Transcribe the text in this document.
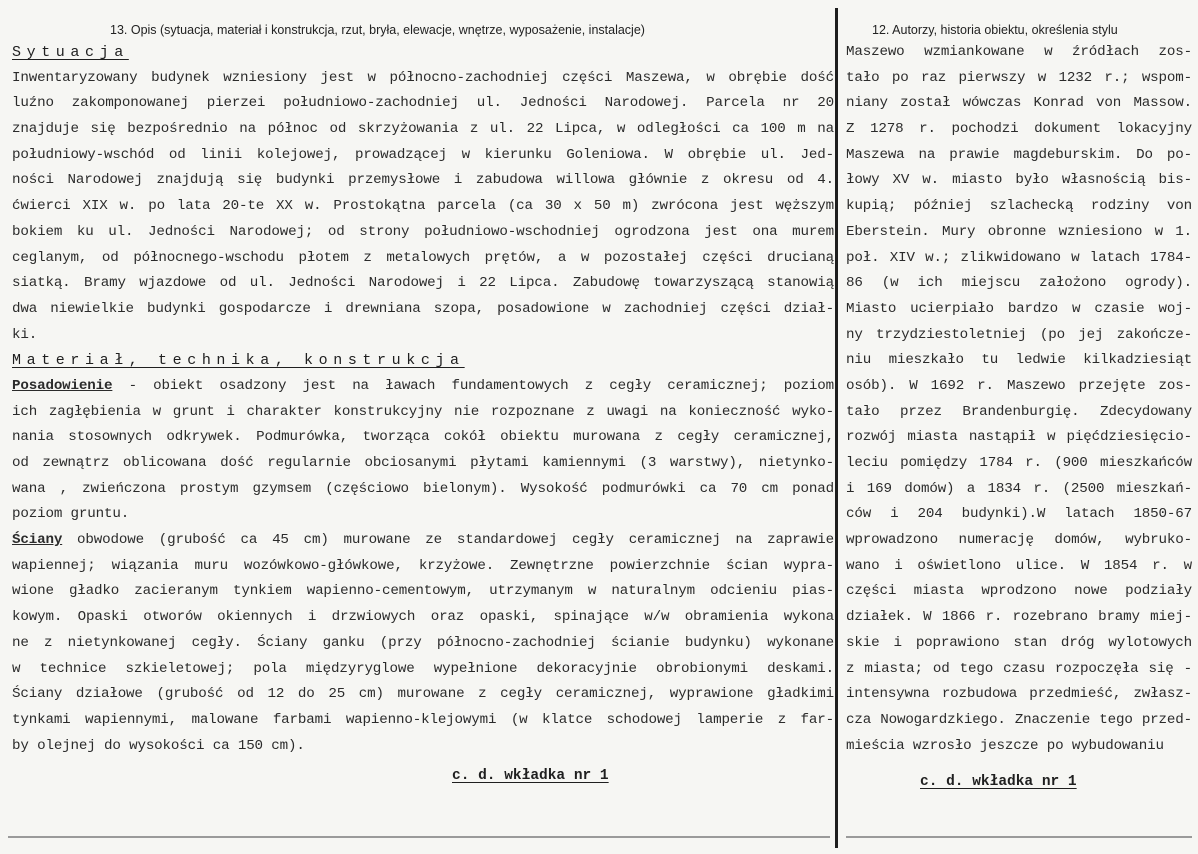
13. Opis (sytuacja, materiał i konstrukcja, rzut, bryła, elewacje, wnętrze, wyposażenie, instalacje)
Sytuacja
Inwentaryzowany budynek wzniesiony jest w północno-zachodniej części Maszewa, w obrębie dość
luźno zakomponowanej pierzei południowo-zachodniej ul. Jedności Narodowej. Parcela nr 20
znajduje się bezpośrednio na północ od skrzyżowania z ul. 22 Lipca, w odległości ca 100 m na
południowy-wschód od linii kolejowej, prowadzącej w kierunku Goleniowa. W obrębie ul. Jed-
ności Narodowej znajdują się budynki przemysłowe i zabudowa willowa głównie z okresu od 4.
ćwierci XIX w. po lata 20-te XX w. Prostokątna parcela (ca 30 x 50 m) zwrócona jest węższym
bokiem ku ul. Jedności Narodowej; od strony południowo-wschodniej ogrodzona jest ona murem
ceglanym, od północnego-wschodu płotem z metalowych prętów, a w pozostałej części drucianą
siatką. Bramy wjazdowe od ul. Jedności Narodowej i 22 Lipca. Zabudowę towarzyszącą stanowią
dwa niewielkie budynki gospodarcze i drewniana szopa, posadowione w zachodniej części dział-
ki.
Materiał, technika, konstrukcja
Posadowienie - obiekt osadzony jest na ławach fundamentowych z cegły ceramicznej; poziom
ich zagłębienia w grunt i charakter konstrukcyjny nie rozpoznane z uwagi na konieczność wyko-
nania stosownych odkrywek. Podmurówka, tworząca cokół obiektu murowana z cegły ceramicznej,
od zewnątrz oblicowana dość regularnie obciosanymi płytami kamiennymi (3 warstwy), nietynko-
wana , zwieńczona prostym gzymsem (częściowo bielonym). Wysokość podmurówki ca 70 cm ponad
poziom gruntu.
Ściany obwodowe (grubość ca 45 cm) murowane ze standardowej cegły ceramicznej na zaprawie
wapiennej; wiązania muru wozówkowo-główkowe, krzyżowe. Zewnętrzne powierzchnie ścian wypra-
wione gładko zacieranym tynkiem wapienno-cementowym, utrzymanym w naturalnym odcieniu pias-
kowym. Opaski otworów okiennych i drzwiowych oraz opaski, spinające w/w obramienia wykona
ne z nietynkowanej cegły. Ściany ganku (przy północno-zachodniej ścianie budynku) wykonane
w technice szkieletowej; pola międzyryglowe wypełnione dekoracyjnie obrobionymi deskami.
Ściany działowe (grubość od 12 do 25 cm) murowane z cegły ceramicznej, wyprawione gładkimi
tynkami wapiennymi, malowane farbami wapienno-klejowymi (w klatce schodowej lamperie z far-
by olejnej do wysokości ca 150 cm).
c. d. wkładka nr 1
12. Autorzy, historia obiektu, określenia stylu
Maszewo wzmiankowane w źródłach zos-
tało po raz pierwszy w 1232 r.; wspom-
niany został wówczas Konrad von Massow.
Z 1278 r. pochodzi dokument lokacyjny
Maszewa na prawie magdeburskim. Do po-
łowy XV w. miasto było własnością bis-
kupią; później szlachecką rodziny von
Eberstein. Mury obronne wzniesiono w 1.
poł. XIV w.; zlikwidowano w latach 1784-
86 (w ich miejscu założono ogrody).
Miasto ucierpiało bardzo w czasie woj-
ny trzydziestoletniej (po jej zakończe-
niu mieszkało tu ledwie kilkadziesiąt
osób). W 1692 r. Maszewo przejęte zos-
tało przez Brandenburgię. Zdecydowany
rozwój miasta nastąpił w pięćdziesięcio-
leciu pomiędzy 1784 r. (900 mieszkańców
i 169 domów) a 1834 r. (2500 mieszkań-
ców i 204 budynki).W latach 1850-67
wprowadzono numerację domów, wybruko-
wano i oświetlono ulice. W 1854 r. w
części miasta wprodzono nowe podziały
działek. W 1866 r. rozebrano bramy miej-
skie i poprawiono stan dróg wylotowych
z miasta; od tego czasu rozpoczęła się -
intensywna rozbudowa przedmieść, zwłasz-
cza Nowogardzkiego. Znaczenie tego przed-
mieścia wzrosło jeszcze po wybudowaniu
c. d. wkładka nr 1
